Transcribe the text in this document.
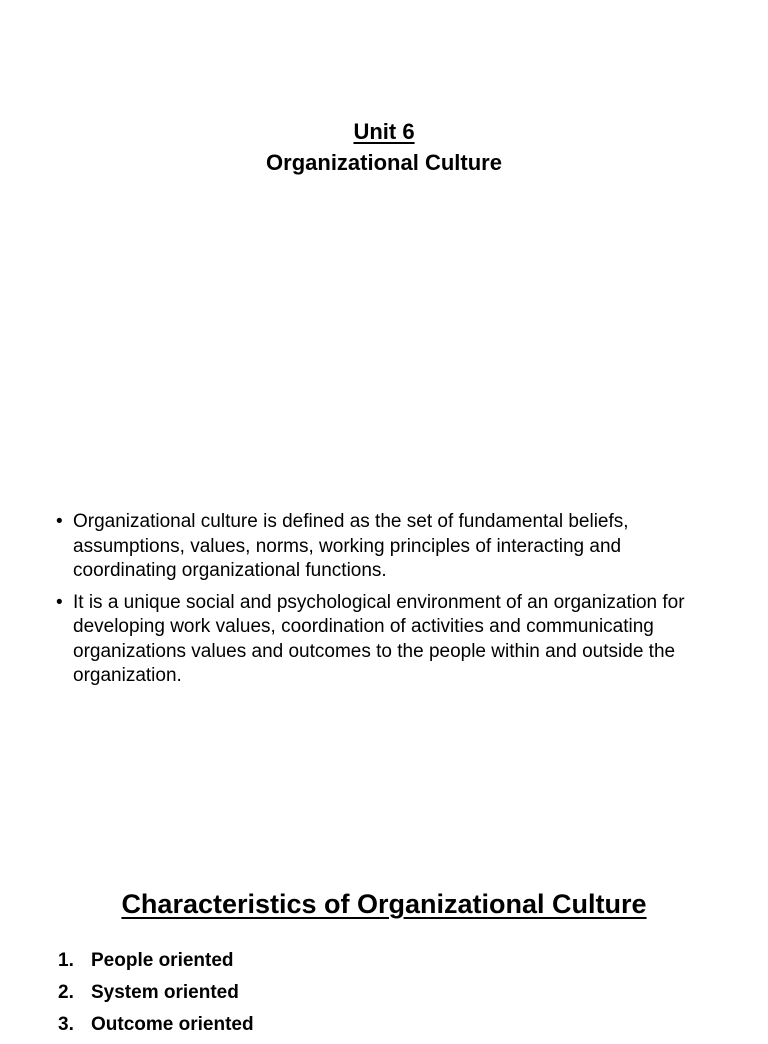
Unit 6
Organizational Culture
• Organizational culture is defined as the set of fundamental beliefs, assumptions, values, norms, working principles of interacting and coordinating organizational functions.
• It is a unique social and psychological environment of an organization for developing work values, coordination of activities and communicating organizations values and outcomes to the people within and outside the organization.
Characteristics of Organizational Culture
1. People oriented
2. System oriented
3. Outcome oriented
